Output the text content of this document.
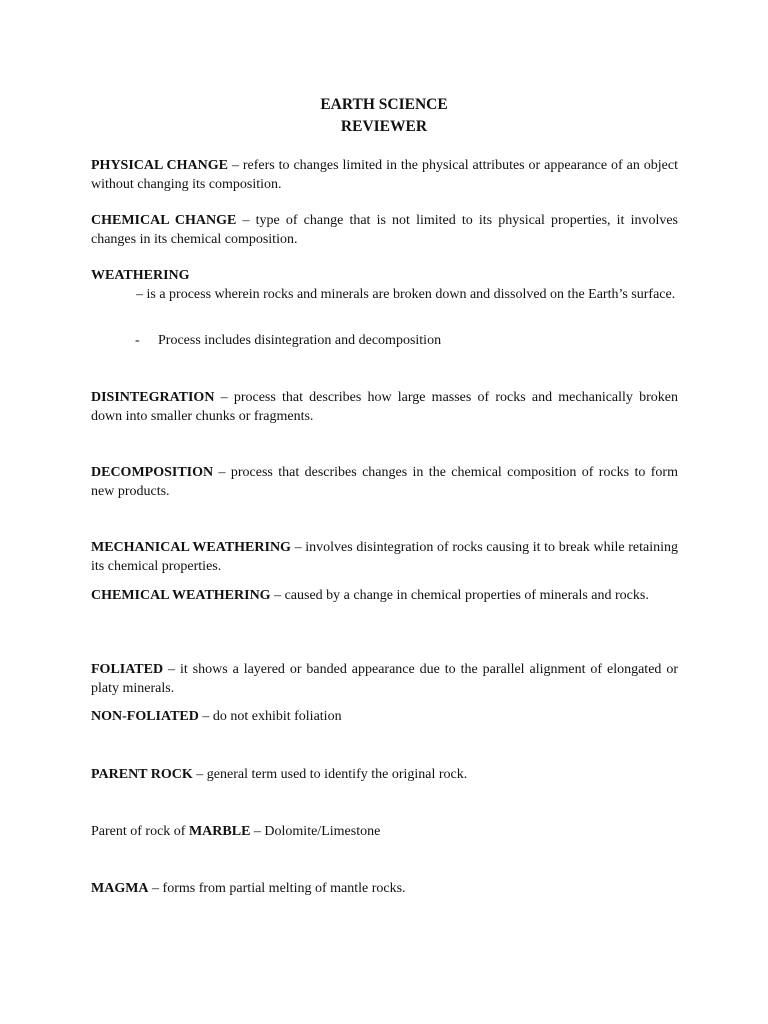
EARTH SCIENCE
REVIEWER

PHYSICAL CHANGE – refers to changes limited in the physical attributes or appearance of an object without changing its composition.

CHEMICAL CHANGE – type of change that is not limited to its physical properties, it involves changes in its chemical composition.

WEATHERING

– is a process wherein rocks and minerals are broken down and dissolved on the Earth’s surface.
- Process includes disintegration and decomposition

DISINTEGRATION – process that describes how large masses of rocks and mechanically broken down into smaller chunks or fragments.

DECOMPOSITION – process that describes changes in the chemical composition of rocks to form new products.

MECHANICAL WEATHERING – involves disintegration of rocks causing it to break while retaining its chemical properties.

CHEMICAL WEATHERING – caused by a change in chemical properties of minerals and rocks.

FOLIATED – it shows a layered or banded appearance due to the parallel alignment of elongated or platy minerals.

NON-FOLIATED – do not exhibit foliation

PARENT ROCK – general term used to identify the original rock.

Parent of rock of MARBLE – Dolomite/Limestone

MAGMA – forms from partial melting of mantle rocks.
